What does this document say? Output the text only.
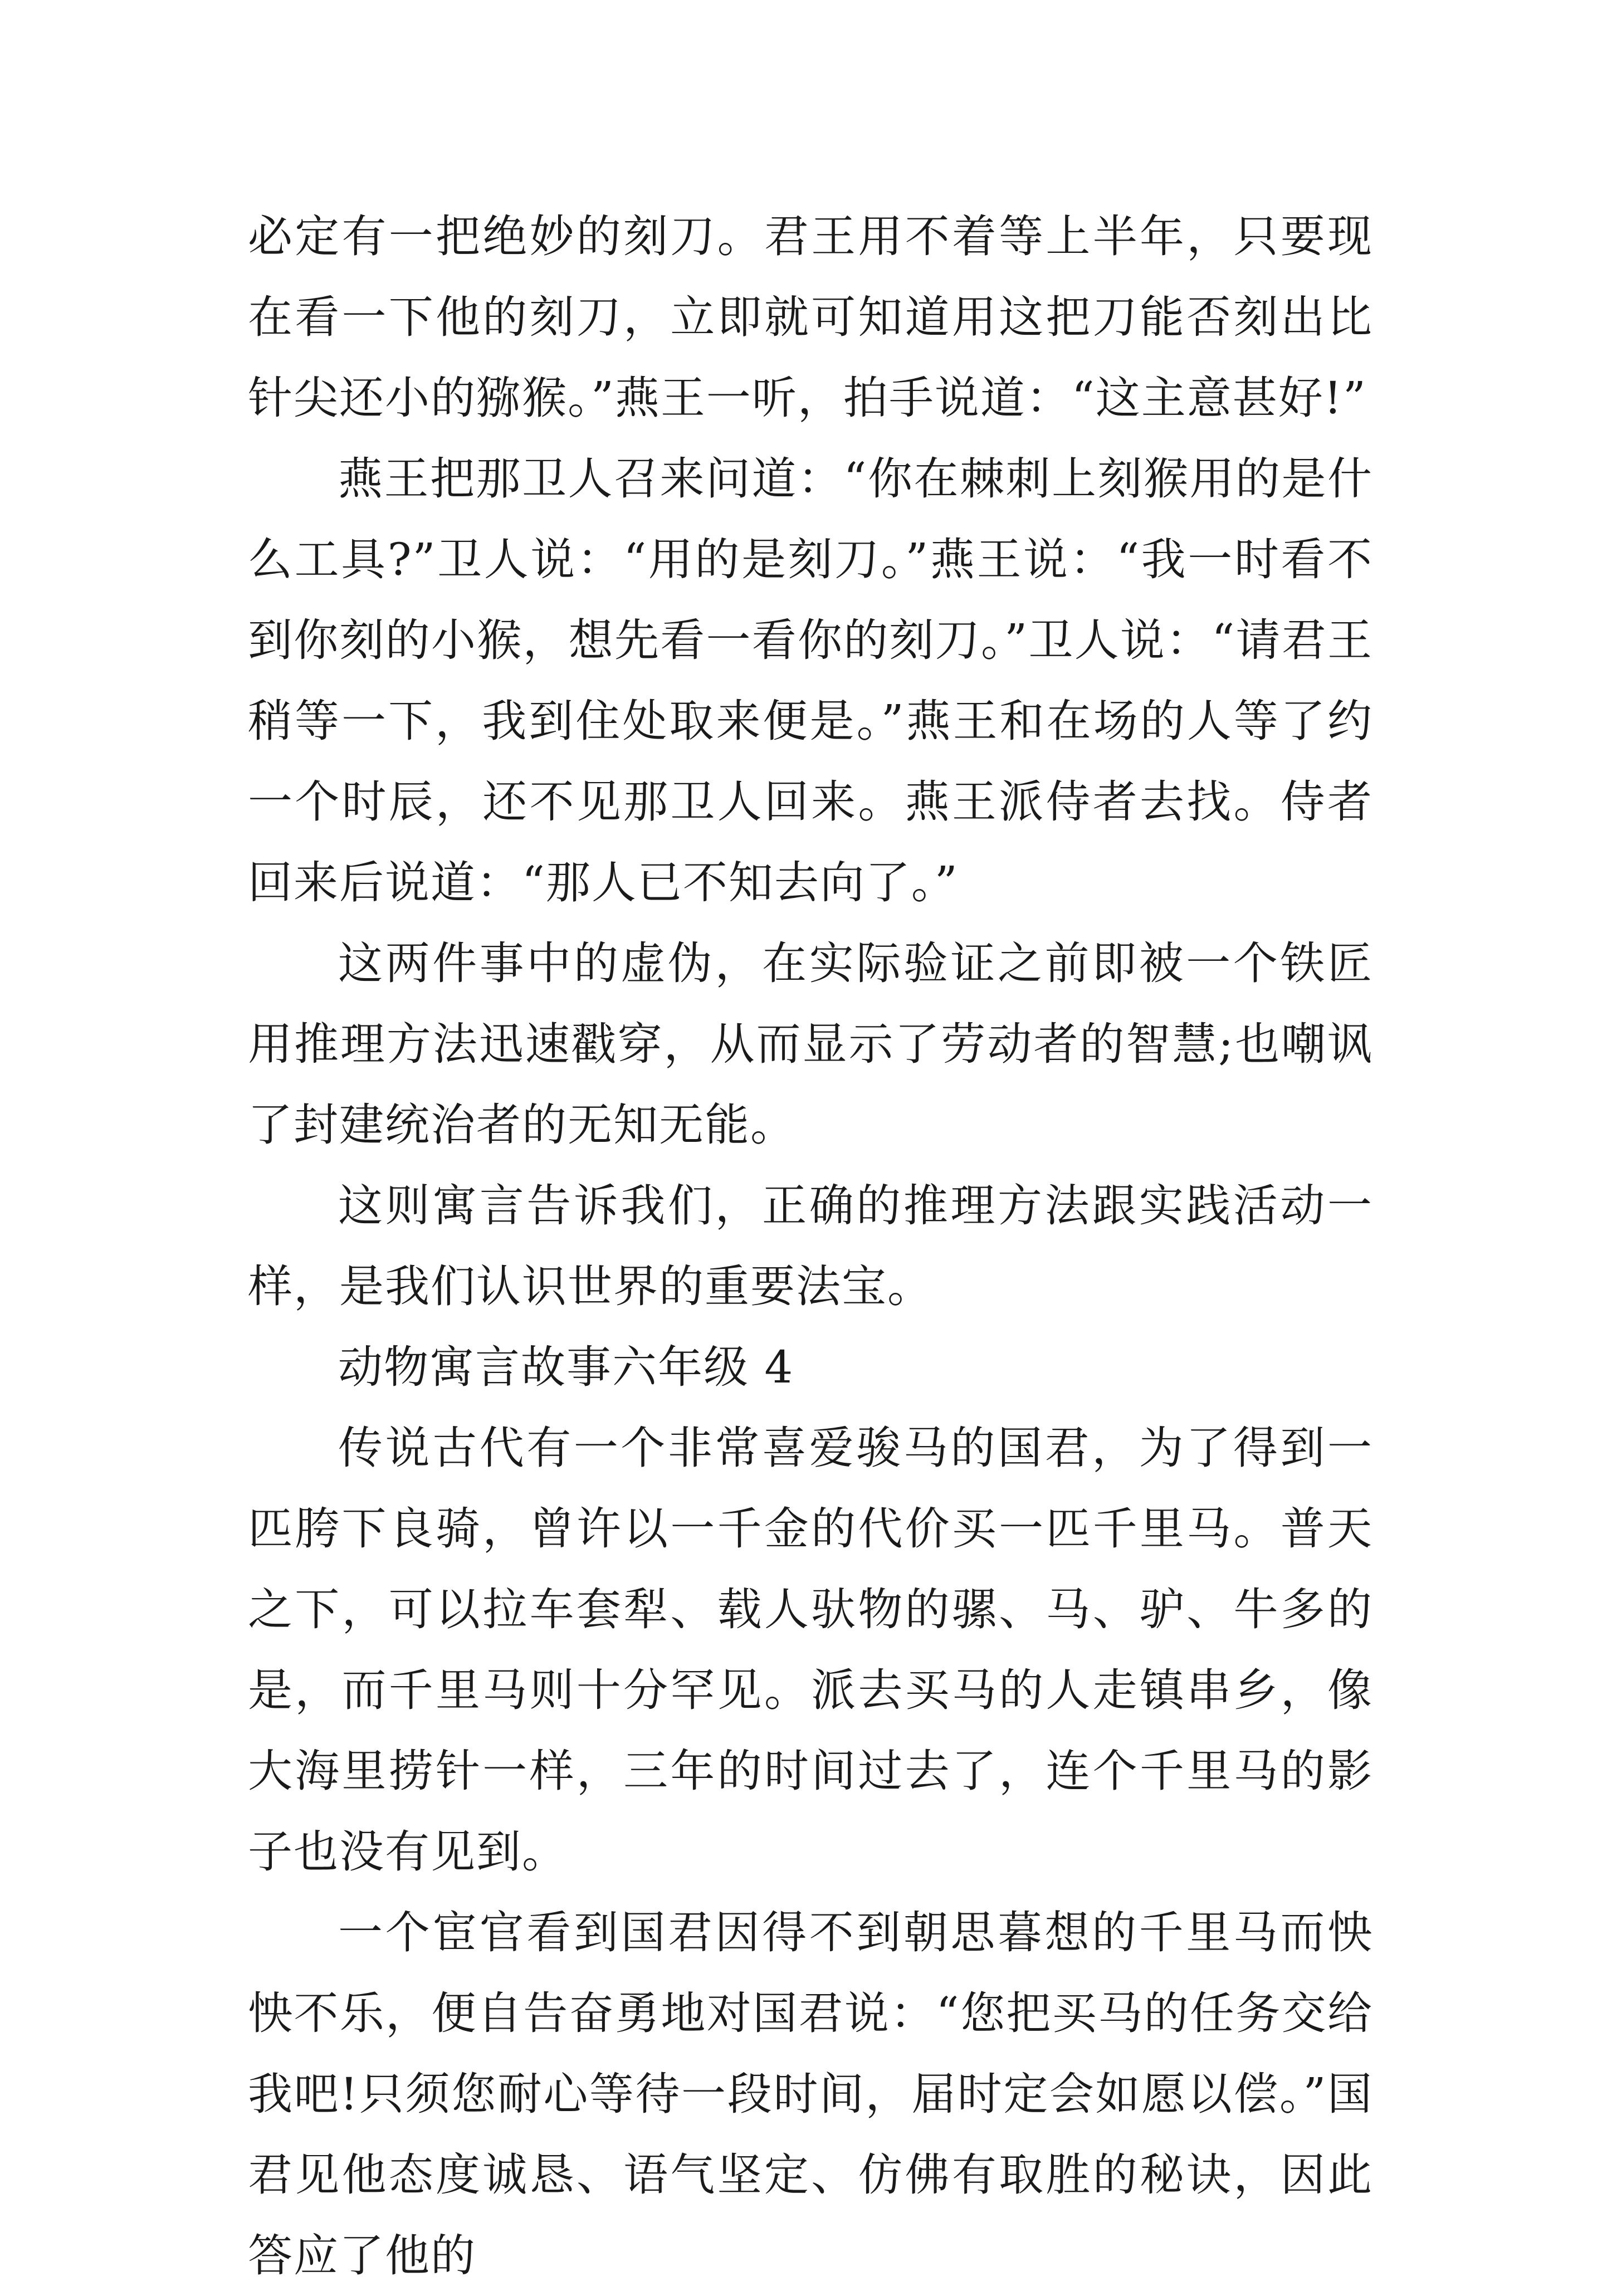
必定有一把绝妙的刻刀。君王用不着等上半年，只要现在看一下他的刻刀，立即就可知道用这把刀能否刻出比针尖还小的猕猴。”燕王一听，拍手说道：“这主意甚好!”

燕王把那卫人召来问道：“你在棘刺上刻猴用的是什么工具?”卫人说：“用的是刻刀。”燕王说：“我一时看不到你刻的小猴，想先看一看你的刻刀。”卫人说：“请君王稍等一下，我到住处取来便是。”燕王和在场的人等了约一个时辰，还不见那卫人回来。燕王派侍者去找。侍者回来后说道：“那人已不知去向了。”

这两件事中的虚伪，在实际验证之前即被一个铁匠用推理方法迅速戳穿，从而显示了劳动者的智慧;也嘲讽了封建统治者的无知无能。

这则寓言告诉我们，正确的推理方法跟实践活动一样，是我们认识世界的重要法宝。

动物寓言故事六年级 4

传说古代有一个非常喜爱骏马的国君，为了得到一匹胯下良骑，曾许以一千金的代价买一匹千里马。普天之下，可以拉车套犁、载人驮物的骡、马、驴、牛多的是，而千里马则十分罕见。派去买马的人走镇串乡，像大海里捞针一样，三年的时间过去了，连个千里马的影子也没有见到。

一个宦官看到国君因得不到朝思暮想的千里马而怏怏不乐，便自告奋勇地对国君说：“您把买马的任务交给我吧!只须您耐心等待一段时间，届时定会如愿以偿。”国君见他态度诚恳、语气坚定、仿佛有取胜的秘诀，因此答应了他的
